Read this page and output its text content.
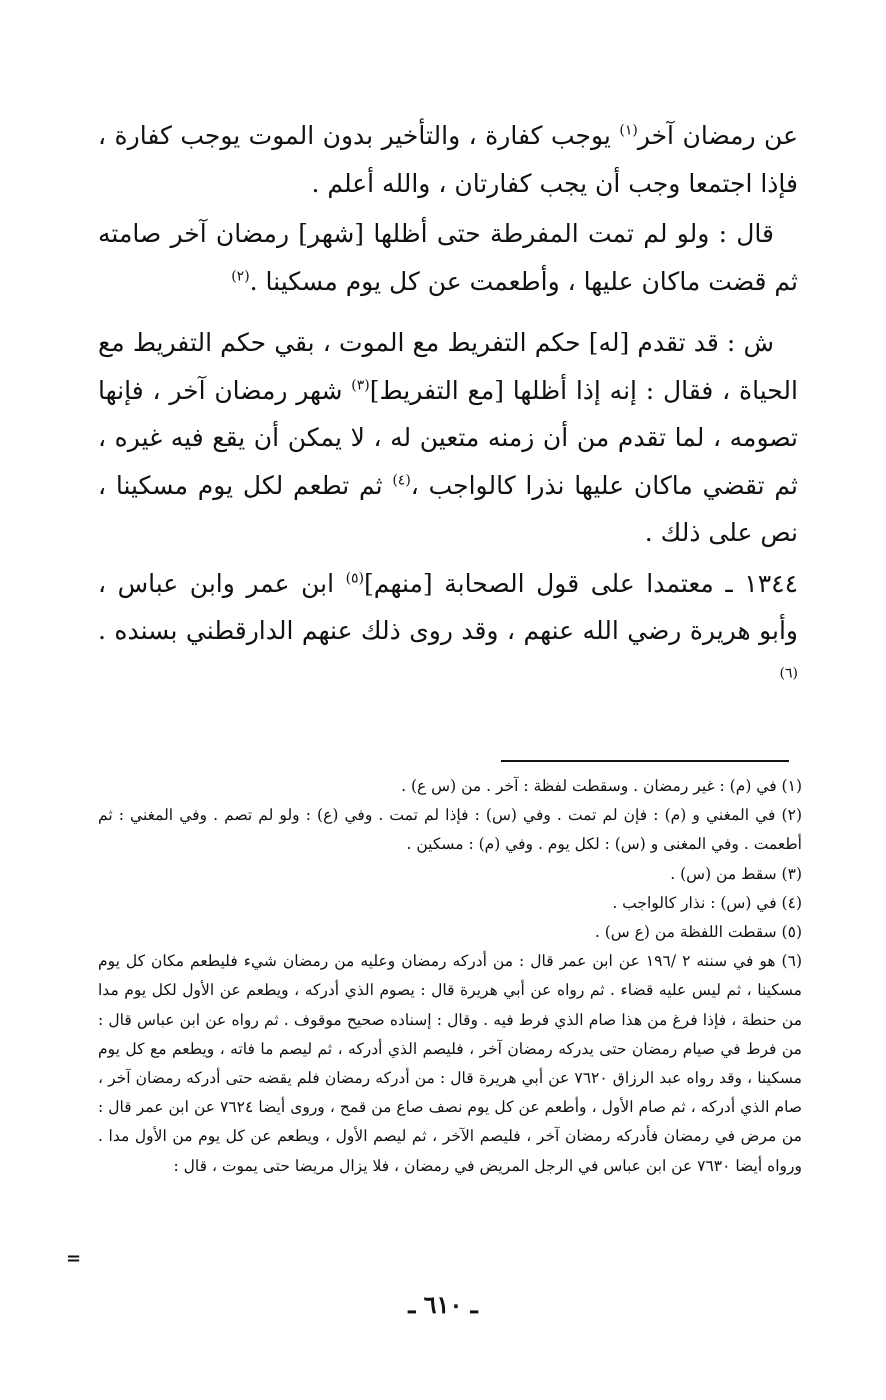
عن رمضان آخر$^{(١)}$ يوجب كفارة ، والتأخير بدون الموت يوجب كفارة ، فإذا اجتمعا وجب أن يجب كفارتان ، والله أعلم .

قال : ولو لم تمت المفرطة حتى أظلها [شهر] رمضان آخر صامته ثم قضت ماكان عليها ، وأطعمت عن كل يوم مسكينا .$^{(٢)}$

ش : قد تقدم [له] حكم التفريط مع الموت ، بقي حكم التفريط مع الحياة ، فقال : إنه إذا أظلها [مع التفريط]$^{(٣)}$ شهر رمضان آخر ، فإنها تصومه ، لما تقدم من أن زمنه متعين له ، لا يمكن أن يقع فيه غيره ، ثم تقضي ماكان عليها نذرا كالواجب ،$^{(٤)}$ ثم تطعم لكل يوم مسكينا ، نص على ذلك .

١٣٤٤ ـ معتمدا على قول الصحابة [منهم]$^{(٥)}$ ابن عمر وابن عباس ، وأبو هريرة رضي الله عنهم ، وقد روى ذلك عنهم الدارقطني بسنده .$^{(٦)}$

(١) في (م) : غير رمضان . وسقطت لفظة : آخر . من (س ع) .

(٢) في المغني و (م) : فإن لم تمت . وفي (س) : فإذا لم تمت . وفي (ع) : ولو لم تصم . وفي المغني : ثم أطعمت . وفي المغنى و (س) : لكل يوم . وفي (م) : مسكين .

(٣) سقط من (س) .

(٤) في (س) : نذار كالواجب .

(٥) سقطت اللفظة من (ع س) .

(٦) هو في سننه ٢ /١٩٦ عن ابن عمر قال : من أدركه رمضان وعليه من رمضان شيء فليطعم مكان كل يوم مسكينا ، ثم ليس عليه قضاء . ثم رواه عن أبي هريرة قال : يصوم الذي أدركه ، ويطعم عن الأول لكل يوم مدا من حنطة ، فإذا فرغ من هذا صام الذي فرط فيه . وقال : إسناده صحيح موقوف . ثم رواه عن ابن عباس قال : من فرط في صيام رمضان حتى يدركه رمضان آخر ، فليصم الذي أدركه ، ثم ليصم ما فاته ، ويطعم مع كل يوم مسكينا ، وقد رواه عبد الرزاق ٧٦٢٠ عن أبي هريرة قال : من أدركه رمضان فلم يقضه حتى أدركه رمضان آخر ، صام الذي أدركه ، ثم صام الأول ، وأطعم عن كل يوم نصف صاع من قمح ، وروى أيضا ٧٦٢٤ عن ابن عمر قال : من مرض في رمضان فأدركه رمضان آخر ، فليصم الآخر ، ثم ليصم الأول ، ويطعم عن كل يوم من الأول مدا . ورواه أيضا ٧٦٣٠ عن ابن عباس في الرجل المريض في رمضان ، فلا يزال مريضا حتى يموت ، قال :

=
ـ ٦١٠ ـ
